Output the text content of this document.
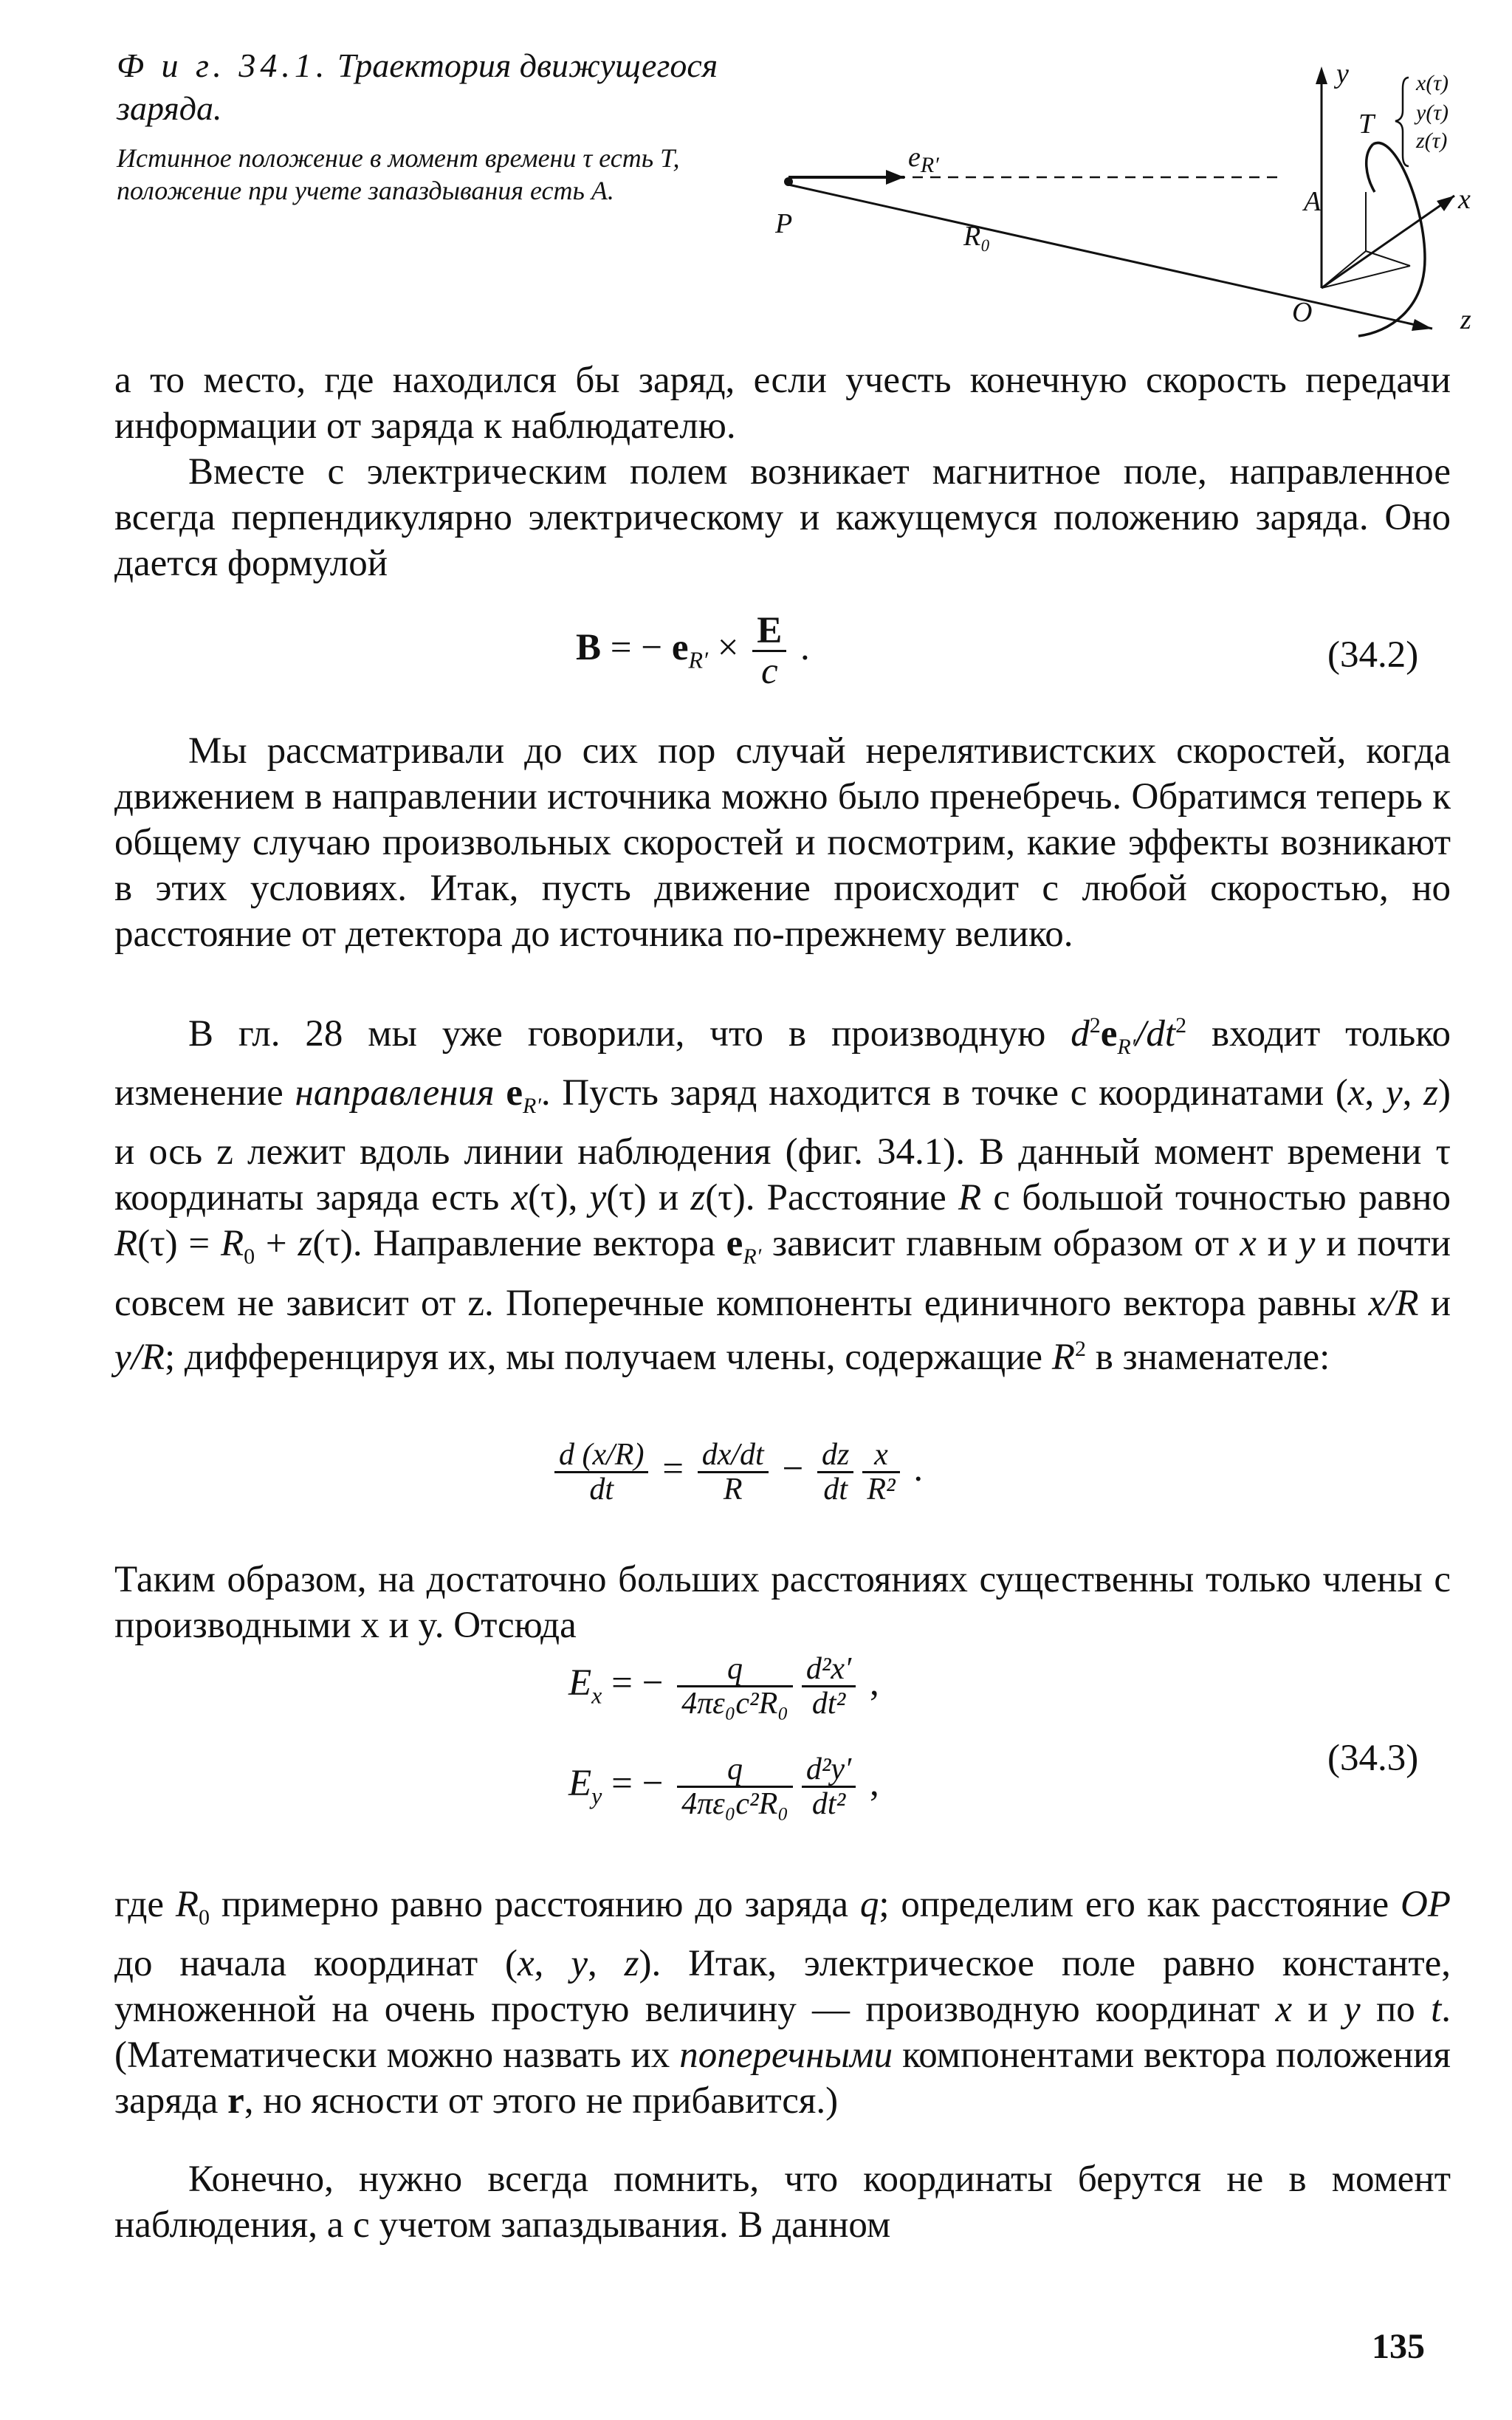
Ф и г. 34.1. Траектория движущегося заряда.

Истинное положение в момент времени τ есть T, положение при учете запаздывания есть A.
P
O
A
T
R₀
$e_{R'}$
y
x
z
x(τ)
y(τ)
z(τ)

а то место, где находился бы заряд, если учесть конечную скорость передачи информации от заряда к наблюдателю.

Вместе с электрическим полем возникает магнитное поле, направленное всегда перпендикулярно электрическому и кажущемуся положению заряда. Оно дается формулой

B = − $e_{R'} \times \frac{E}{c}$ .	(34.2)

Мы рассматривали до сих пор случай нерелятивистских скоростей, когда движением в направлении источника можно было пренебречь. Обратимся теперь к общему случаю произвольных скоростей и посмотрим, какие эффекты возникают в этих условиях. Итак, пусть движение происходит с любой скоростью, но расстояние от детектора до источника по-прежнему велико.

В гл. 28 мы уже говорили, что в производную $d^2e_{R'}/dt^2$ входит только изменение направления $e_{R'}$. Пусть заряд находится в точке с координатами (x, y, z) и ось z лежит вдоль линии наблюдения (фиг. 34.1). В данный момент времени τ координаты заряда есть x(τ), y(τ) и z(τ). Расстояние R с большой точностью равно $R(\tau) = R_0 + z(\tau)$. Направление вектора $e_{R'}$ зависит главным образом от x и y и почти совсем не зависит от z. Поперечные компоненты единичного вектора равны x/R и y/R; дифференцируя их, мы получаем члены, содержащие $R^2$ в знаменателе:

$\frac{d (x/R)}{dt} = \frac{dx/dt}{R} - \frac{dz}{dt} \frac{x}{\text{R²}}$ .

Таким образом, на достаточно больших расстояниях существенны только члены с производными x и y. Отсюда

$E_x$ = − $\frac{q}{\text{4πε₀c²R₀}} \frac{\text{d²x′}}{\text{dt²}}$ ,
$E_y$ = − $\frac{q}{\text{4πε₀c²R₀}} \frac{\text{d²y′}}{\text{dt²}}$ ,
(34.3)

где $R_0$ примерно равно расстоянию до заряда q; определим его как расстояние OP до начала координат (x, y, z). Итак, электрическое поле равно константе, умноженной на очень простую величину — производную координат x и y по t. (Математически можно назвать их поперечными компонентами вектора положения заряда r, но ясности от этого не прибавится.)

Конечно, нужно всегда помнить, что координаты берутся не в момент наблюдения, а с учетом запаздывания. В данном

135
